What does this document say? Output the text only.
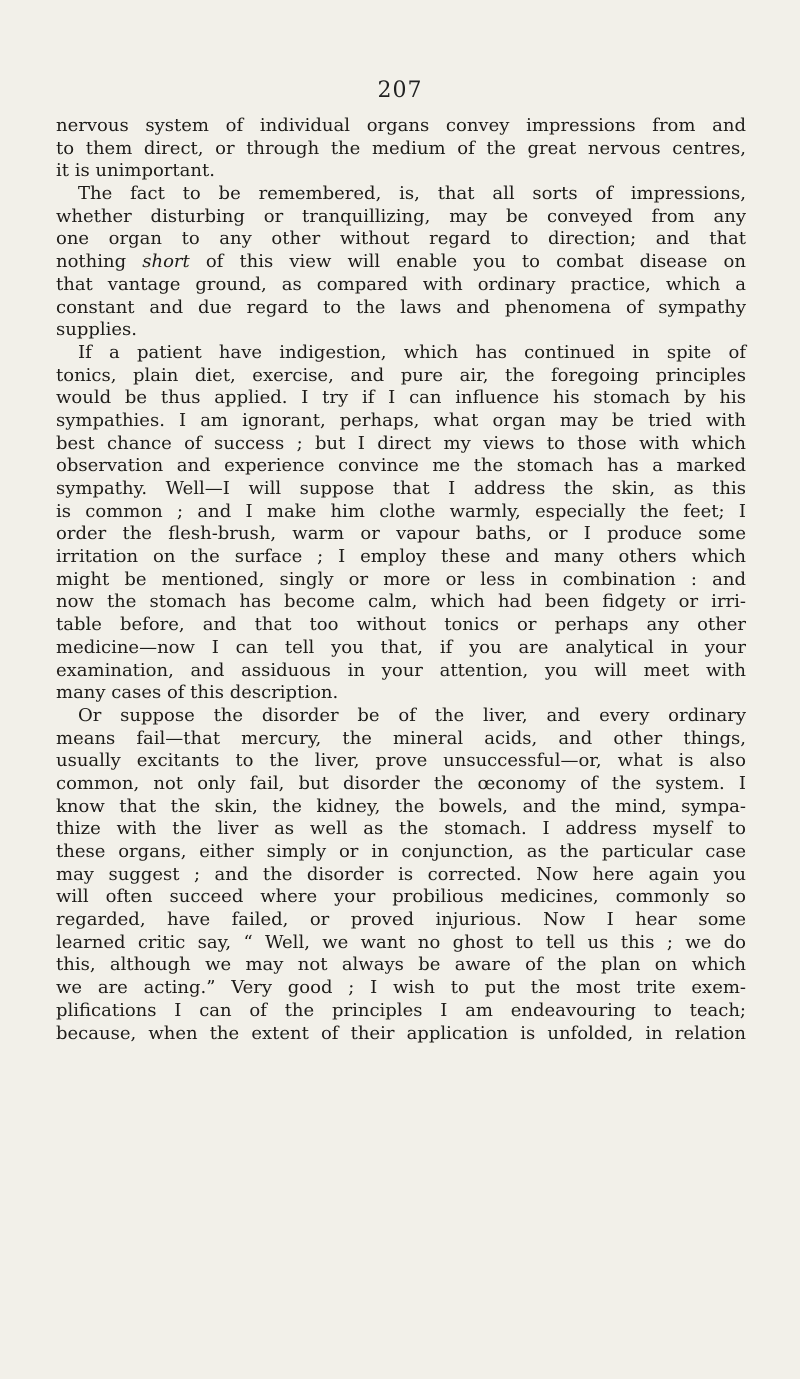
207
nervous system of individual organs convey impressions from and
to them direct, or through the medium of the great nervous centres,
it is unimportant.
The fact to be remembered, is, that all sorts of impressions,
whether disturbing or tranquillizing, may be conveyed from any
one organ to any other without regard to direction; and that
nothing short of this view will enable you to combat disease on
that vantage ground, as compared with ordinary practice, which a
constant and due regard to the laws and phenomena of sympathy
supplies.
If a patient have indigestion, which has continued in spite of
tonics, plain diet, exercise, and pure air, the foregoing principles
would be thus applied. I try if I can influence his stomach by his
sympathies. I am ignorant, perhaps, what organ may be tried with
best chance of success ; but I direct my views to those with which
observation and experience convince me the stomach has a marked
sympathy. Well—I will suppose that I address the skin, as this
is common ; and I make him clothe warmly, especially the feet; I
order the flesh-brush, warm or vapour baths, or I produce some
irritation on the surface ; I employ these and many others which
might be mentioned, singly or more or less in combination : and
now the stomach has become calm, which had been fidgety or irri-
table before, and that too without tonics or perhaps any other
medicine—now I can tell you that, if you are analytical in your
examination, and assiduous in your attention, you will meet with
many cases of this description.
Or suppose the disorder be of the liver, and every ordinary
means fail—that mercury, the mineral acids, and other things,
usually excitants to the liver, prove unsuccessful—or, what is also
common, not only fail, but disorder the œconomy of the system. I
know that the skin, the kidney, the bowels, and the mind, sympa-
thize with the liver as well as the stomach. I address myself to
these organs, either simply or in conjunction, as the particular case
may suggest ; and the disorder is corrected. Now here again you
will often succeed where your probilious medicines, commonly so
regarded, have failed, or proved injurious. Now I hear some
learned critic say, “ Well, we want no ghost to tell us this ; we do
this, although we may not always be aware of the plan on which
we are acting.” Very good ; I wish to put the most trite exem-
plifications I can of the principles I am endeavouring to teach;
because, when the extent of their application is unfolded, in relation
